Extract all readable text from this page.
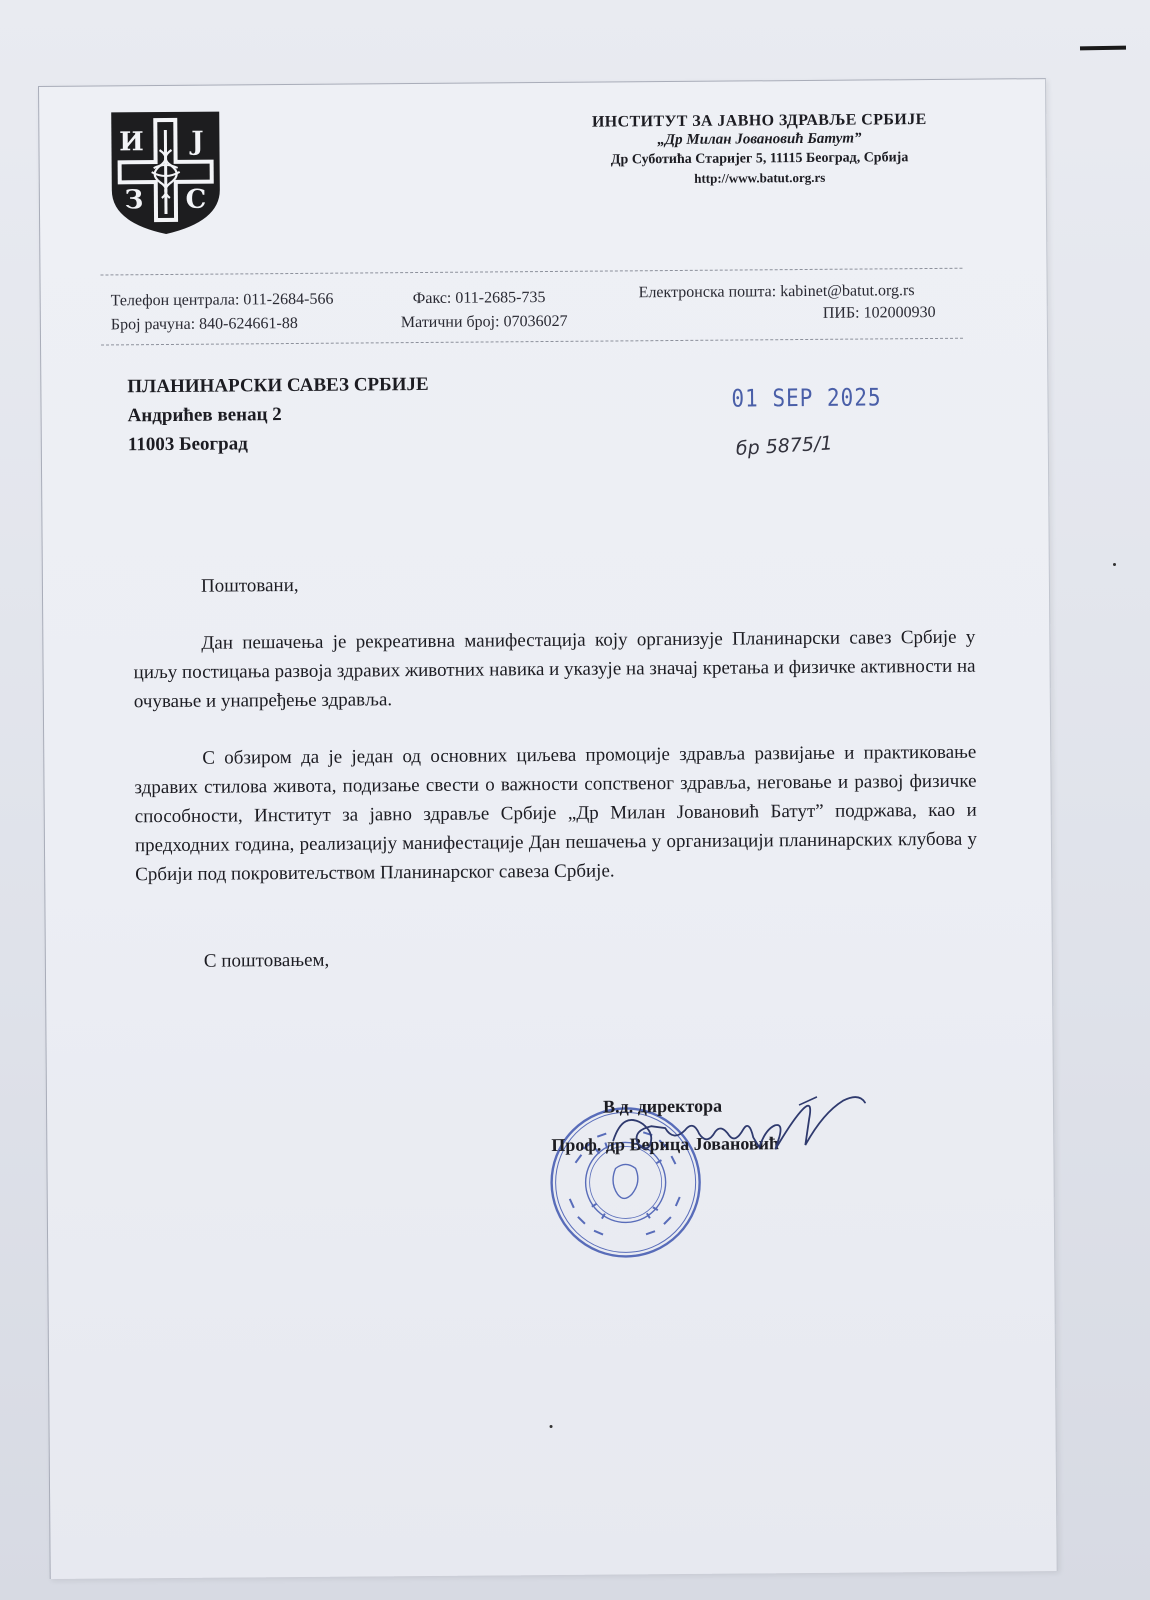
И Ј
З С
ИНСТИТУТ ЗА ЈАВНО ЗДРАВЉЕ СРБИЈЕ
„Др Милан Јовановић Батут”
Др Суботића Старијег 5, 11115 Београд, Србија
http://www.batut.org.rs
Телефон централа: 011-2684-566	Факс: 011-2685-735	Електронска пошта: kabinet@batut.org.rs
Број рачуна: 840-624661-88	Матични број: 07036027	ПИБ: 102000930
ПЛАНИНАРСКИ САВЕЗ СРБИЈЕ
Андрићев венац 2
11003 Београд
01 SEP 2025
бр 5875/1

Поштовани,

Дан пешачења је рекреативна манифестација коју организује Планинарски савез Србије у циљу постицања развоја здравих животних навика и указује на значај кретања и физичке активности на очување и унапређење здравља.

С обзиром да је један од основних циљева промоције здравља развијање и практиковање здравих стилова живота, подизање свести о важности сопственог здравља, неговање и развој физичке способности, Институт за јавно здравље Србије „Др Милан Јовановић Батут” подржава, као и предходних година, реализацију манифестације Дан пешачења у организацији планинарских клубова у Србији под покровитељством Планинарског савеза Србије.

С поштовањем,

В.д. директора
Проф. др Верица Јовановић
